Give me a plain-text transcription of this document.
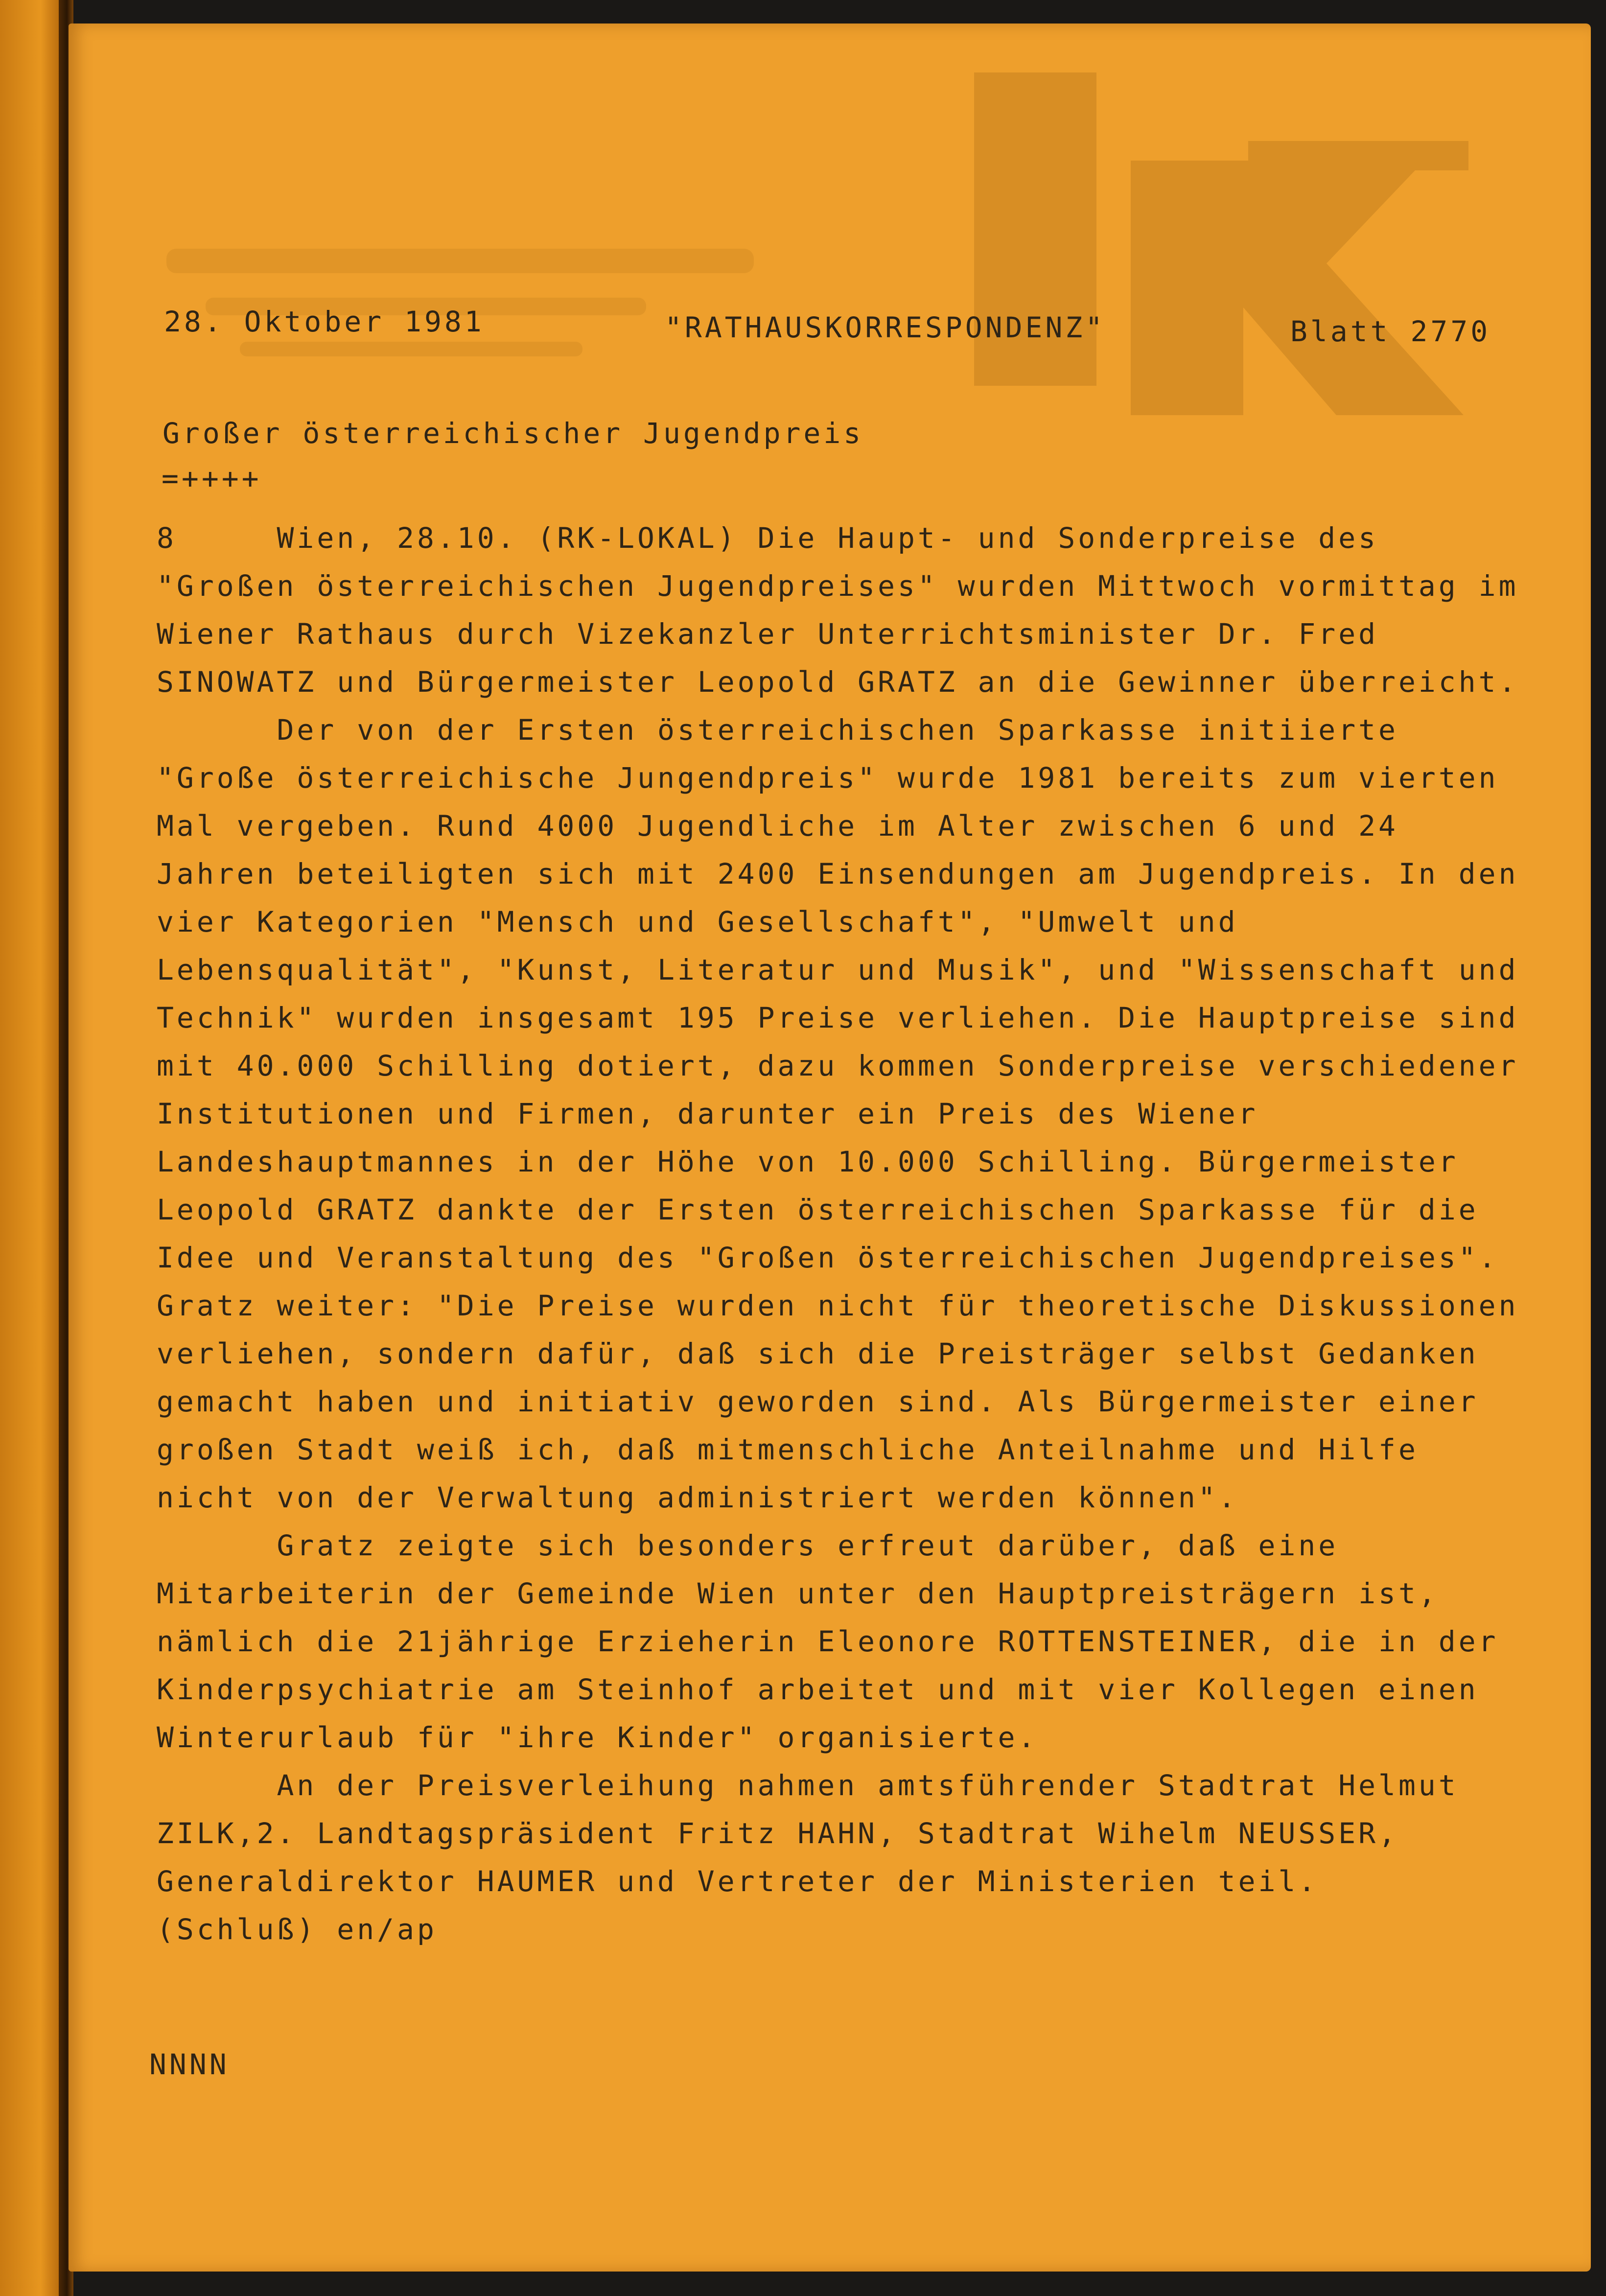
28. Oktober 1981	"RATHAUSKORRESPONDENZ"	Blatt 2770
Großer österreichischer Jugendpreis
=++++
8     Wien, 28.10. (RK-LOKAL) Die Haupt- und Sonderpreise des
"Großen österreichischen Jugendpreises" wurden Mittwoch vormittag im
Wiener Rathaus durch Vizekanzler Unterrichtsminister Dr. Fred
SINOWATZ und Bürgermeister Leopold GRATZ an die Gewinner überreicht.
Der von der Ersten österreichischen Sparkasse initiierte
"Große österreichische Jungendpreis" wurde 1981 bereits zum vierten
Mal vergeben. Rund 4000 Jugendliche im Alter zwischen 6 und 24
Jahren beteiligten sich mit 2400 Einsendungen am Jugendpreis. In den
vier Kategorien "Mensch und Gesellschaft", "Umwelt und
Lebensqualität", "Kunst, Literatur und Musik", und "Wissenschaft und
Technik" wurden insgesamt 195 Preise verliehen. Die Hauptpreise sind
mit 40.000 Schilling dotiert, dazu kommen Sonderpreise verschiedener
Institutionen und Firmen, darunter ein Preis des Wiener
Landeshauptmannes in der Höhe von 10.000 Schilling. Bürgermeister
Leopold GRATZ dankte der Ersten österreichischen Sparkasse für die
Idee und Veranstaltung des "Großen österreichischen Jugendpreises".
Gratz weiter: "Die Preise wurden nicht für theoretische Diskussionen
verliehen, sondern dafür, daß sich die Preisträger selbst Gedanken
gemacht haben und initiativ geworden sind. Als Bürgermeister einer
großen Stadt weiß ich, daß mitmenschliche Anteilnahme und Hilfe
nicht von der Verwaltung administriert werden können".
Gratz zeigte sich besonders erfreut darüber, daß eine
Mitarbeiterin der Gemeinde Wien unter den Hauptpreisträgern ist,
nämlich die 21jährige Erzieherin Eleonore ROTTENSTEINER, die in der
Kinderpsychiatrie am Steinhof arbeitet und mit vier Kollegen einen
Winterurlaub für "ihre Kinder" organisierte.
An der Preisverleihung nahmen amtsführender Stadtrat Helmut
ZILK,2. Landtagspräsident Fritz HAHN, Stadtrat Wihelm NEUSSER,
Generaldirektor HAUMER und Vertreter der Ministerien teil.
(Schluß) en/ap
NNNN
